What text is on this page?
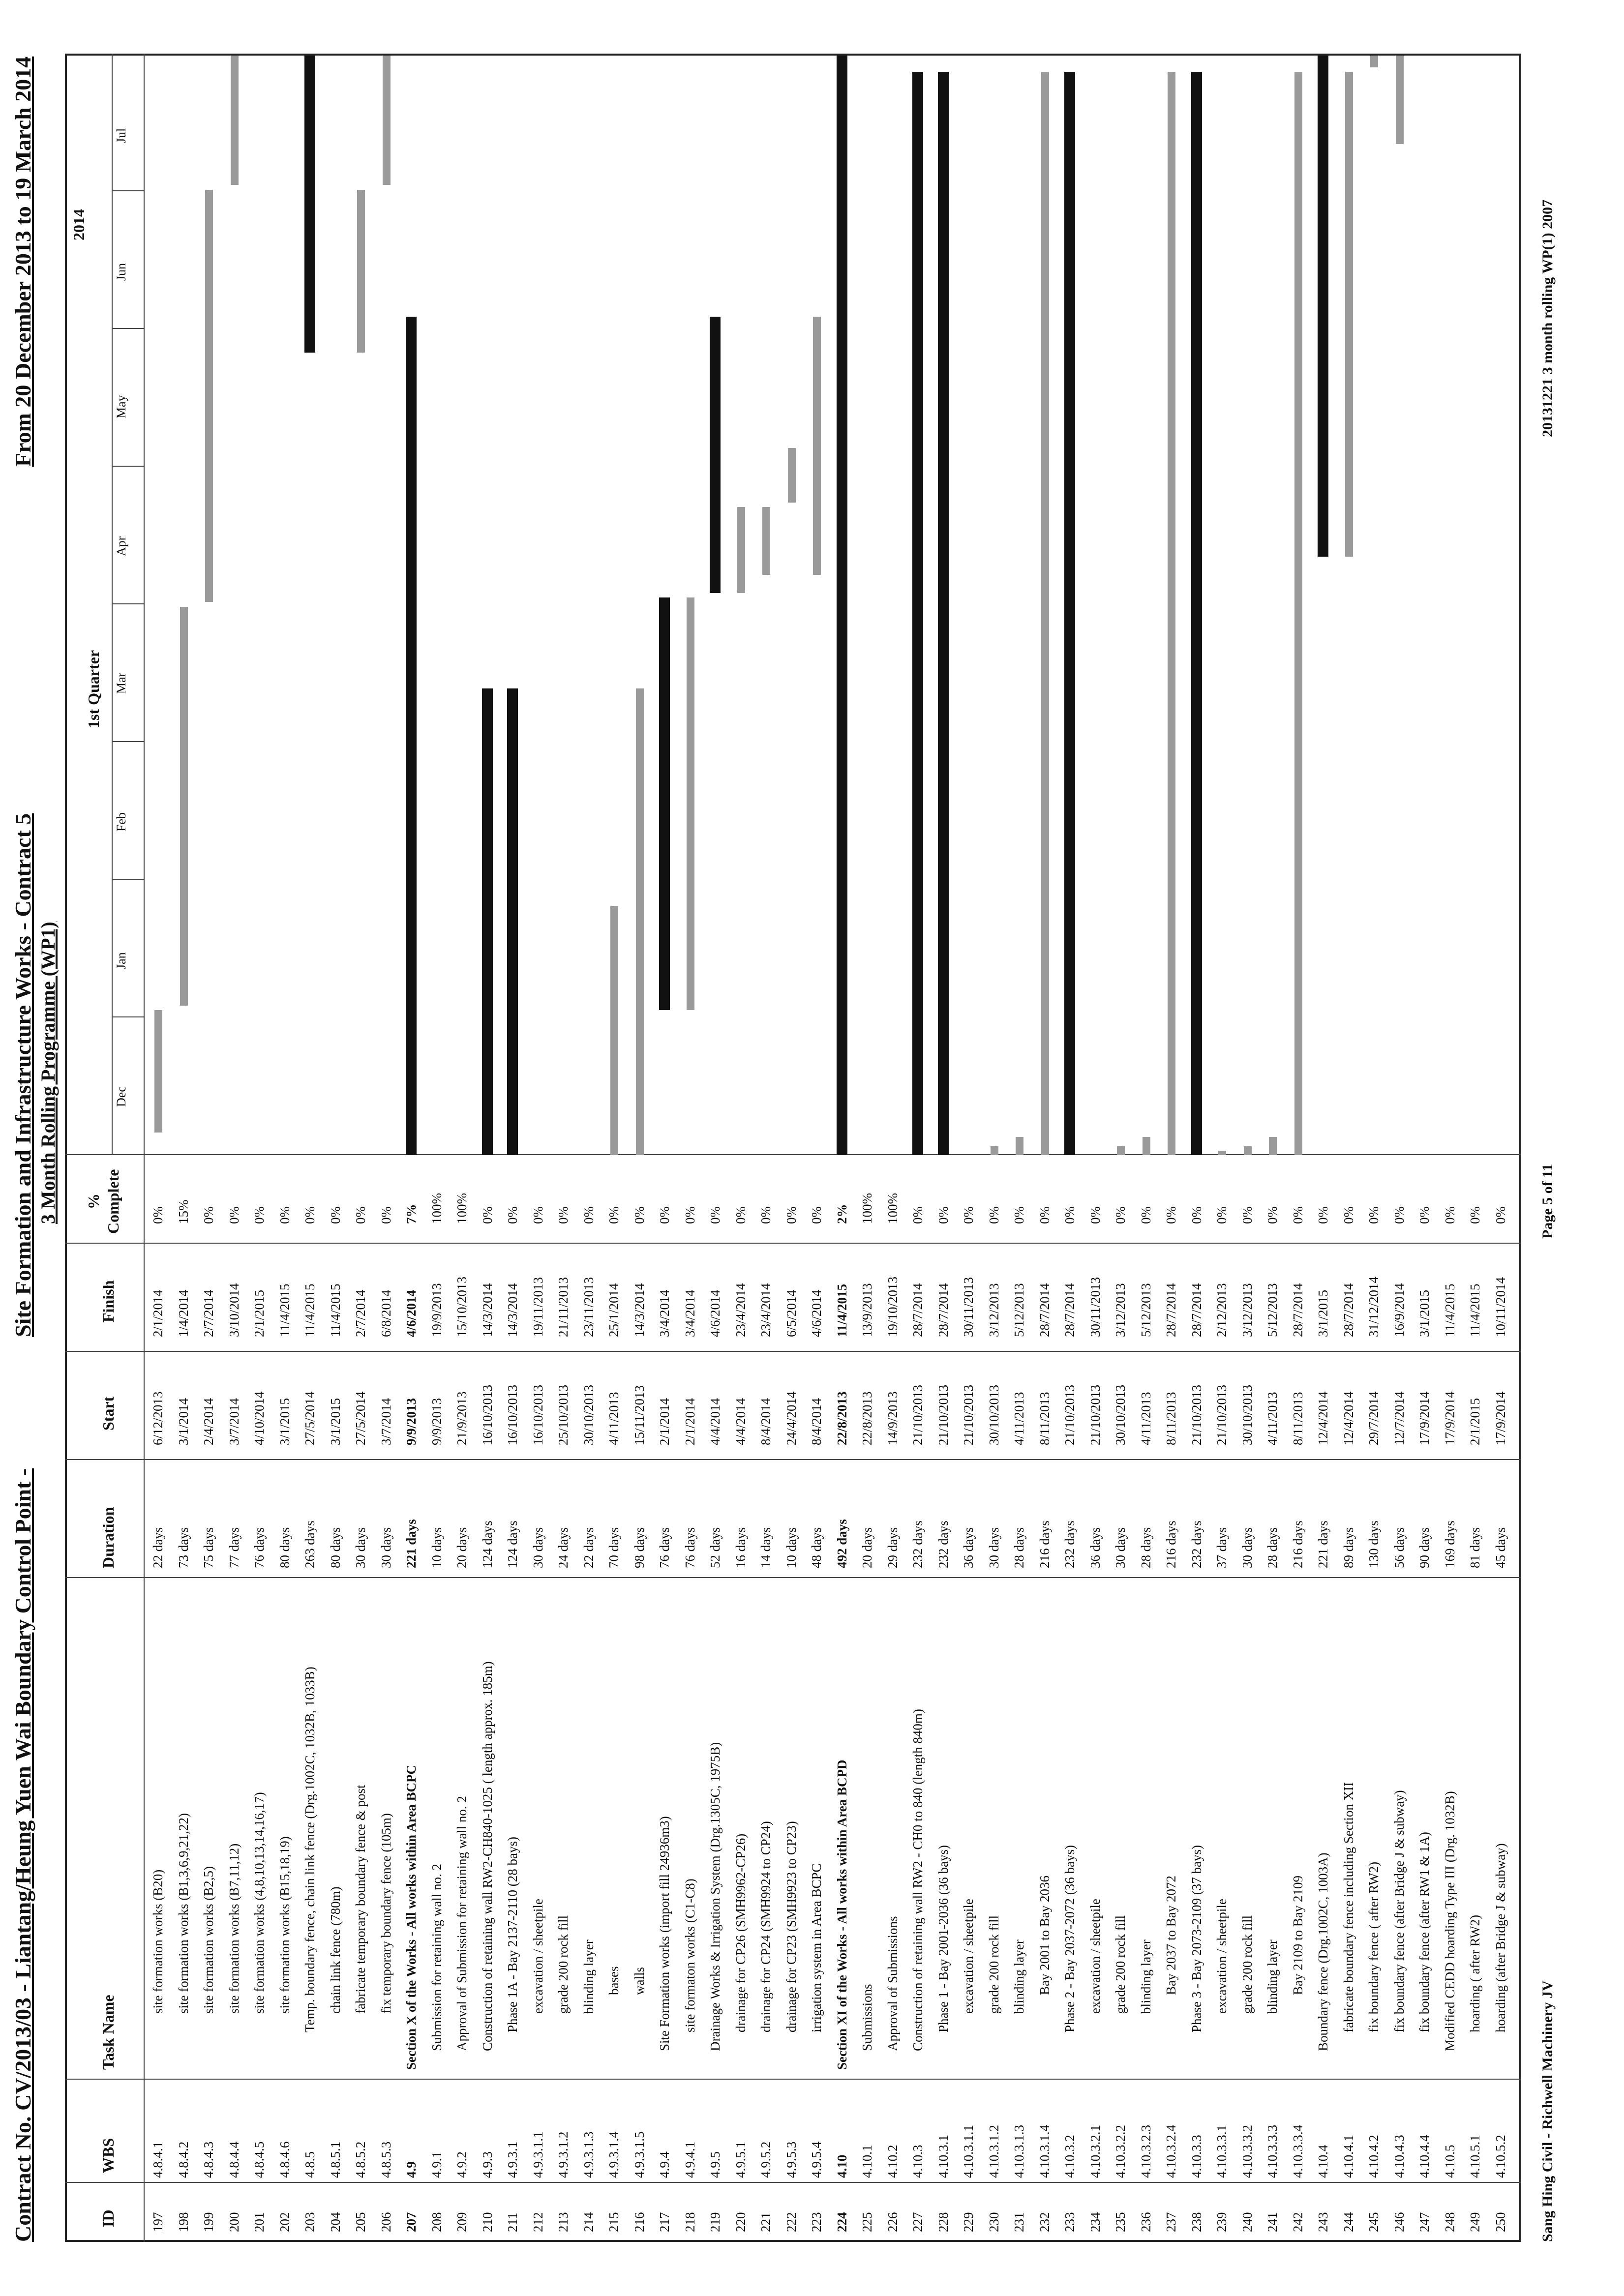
Contract No. CV/2013/03 - Liantang/Heung Yuen Wai Boundary Control Point -
Site Formation and Infrastructure Works - Contract 5
From 20 December 2013 to 19 March 2014
3 Month Rolling Programme (WP1)
ID
WBS
Task Name
Duration
Start
Finish
% Complete
2014
1st Quarter
Dec
Jan
Feb
Mar
Apr
May
Jun
Jul
197
4.8.4.1
site formation works (B20)
22 days
6/12/2013
2/1/2014
0%
198
4.8.4.2
site formation works (B1,3,6,9,21,22)
73 days
3/1/2014
1/4/2014
15%
199
4.8.4.3
site formation works (B2,5)
75 days
2/4/2014
2/7/2014
0%
200
4.8.4.4
site formation works (B7,11,12)
77 days
3/7/2014
3/10/2014
0%
201
4.8.4.5
site formation works (4,8,10,13,14,16,17)
76 days
4/10/2014
2/1/2015
0%
202
4.8.4.6
site formation works (B15,18,19)
80 days
3/1/2015
11/4/2015
0%
203
4.8.5
Temp. boundary fence, chain link fence (Drg.1002C, 1032B, 1033B)
263 days
27/5/2014
11/4/2015
0%
204
4.8.5.1
chain link fence (780m)
80 days
3/1/2015
11/4/2015
0%
205
4.8.5.2
fabricate temporary boundary fence & post
30 days
27/5/2014
2/7/2014
0%
206
4.8.5.3
fix temporary boundary fence (105m)
30 days
3/7/2014
6/8/2014
0%
207
4.9
Section X of the Works - All works within Area BCPC
221 days
9/9/2013
4/6/2014
7%
208
4.9.1
Submission for retaining wall no. 2
10 days
9/9/2013
19/9/2013
100%
209
4.9.2
Approval of Submission for retaining wall no. 2
20 days
21/9/2013
15/10/2013
100%
210
4.9.3
Construction of retaining wall RW2-CH840-1025 ( length approx. 185m)
124 days
16/10/2013
14/3/2014
0%
211
4.9.3.1
Phase 1A - Bay 2137-2110 (28 bays)
124 days
16/10/2013
14/3/2014
0%
212
4.9.3.1.1
excavation / sheetpile
30 days
16/10/2013
19/11/2013
0%
213
4.9.3.1.2
grade 200 rock fill
24 days
25/10/2013
21/11/2013
0%
214
4.9.3.1.3
blinding layer
22 days
30/10/2013
23/11/2013
0%
215
4.9.3.1.4
bases
70 days
4/11/2013
25/1/2014
0%
216
4.9.3.1.5
walls
98 days
15/11/2013
14/3/2014
0%
217
4.9.4
Site Formation works (import fill 24936m3)
76 days
2/1/2014
3/4/2014
0%
218
4.9.4.1
site formaton works (C1-C8)
76 days
2/1/2014
3/4/2014
0%
219
4.9.5
Drainage Works & Irrigation System (Drg.1305C, 1975B)
52 days
4/4/2014
4/6/2014
0%
220
4.9.5.1
drainage for CP26 (SMH9962-CP26)
16 days
4/4/2014
23/4/2014
0%
221
4.9.5.2
drainage for CP24 (SMH9924 to CP24)
14 days
8/4/2014
23/4/2014
0%
222
4.9.5.3
drainage for CP23 (SMH9923 to CP23)
10 days
24/4/2014
6/5/2014
0%
223
4.9.5.4
irrigation system in Area BCPC
48 days
8/4/2014
4/6/2014
0%
224
4.10
Section XI of the Works - All works within Area BCPD
492 days
22/8/2013
11/4/2015
2%
225
4.10.1
Submissions
20 days
22/8/2013
13/9/2013
100%
226
4.10.2
Approval of Submissions
29 days
14/9/2013
19/10/2013
100%
227
4.10.3
Construction of retaining wall RW2 - CH0 to 840 (length 840m)
232 days
21/10/2013
28/7/2014
0%
228
4.10.3.1
Phase 1 - Bay 2001-2036 (36 bays)
232 days
21/10/2013
28/7/2014
0%
229
4.10.3.1.1
excavation / sheetpile
36 days
21/10/2013
30/11/2013
0%
230
4.10.3.1.2
grade 200 rock fill
30 days
30/10/2013
3/12/2013
0%
231
4.10.3.1.3
blinding layer
28 days
4/11/2013
5/12/2013
0%
232
4.10.3.1.4
Bay 2001 to Bay 2036
216 days
8/11/2013
28/7/2014
0%
233
4.10.3.2
Phase 2 - Bay 2037-2072 (36 bays)
232 days
21/10/2013
28/7/2014
0%
234
4.10.3.2.1
excavation / sheetpile
36 days
21/10/2013
30/11/2013
0%
235
4.10.3.2.2
grade 200 rock fill
30 days
30/10/2013
3/12/2013
0%
236
4.10.3.2.3
blinding layer
28 days
4/11/2013
5/12/2013
0%
237
4.10.3.2.4
Bay 2037 to Bay 2072
216 days
8/11/2013
28/7/2014
0%
238
4.10.3.3
Phase 3 - Bay 2073-2109 (37 bays)
232 days
21/10/2013
28/7/2014
0%
239
4.10.3.3.1
excavation / sheetpile
37 days
21/10/2013
2/12/2013
0%
240
4.10.3.3.2
grade 200 rock fill
30 days
30/10/2013
3/12/2013
0%
241
4.10.3.3.3
blinding layer
28 days
4/11/2013
5/12/2013
0%
242
4.10.3.3.4
Bay 2109 to Bay 2109
216 days
8/11/2013
28/7/2014
0%
243
4.10.4
Boundary fence (Drg.1002C, 1003A)
221 days
12/4/2014
3/1/2015
0%
244
4.10.4.1
fabricate boundary fence including Section XII
89 days
12/4/2014
28/7/2014
0%
245
4.10.4.2
fix boundary fence ( after RW2)
130 days
29/7/2014
31/12/2014
0%
246
4.10.4.3
fix boundary fence (after Bridge J & subway)
56 days
12/7/2014
16/9/2014
0%
247
4.10.4.4
fix boundary fence (after RW1 & 1A)
90 days
17/9/2014
3/1/2015
0%
248
4.10.5
Modified CEDD hoarding Type III (Drg. 1032B)
169 days
17/9/2014
11/4/2015
0%
249
4.10.5.1
hoarding ( after RW2)
81 days
2/1/2015
11/4/2015
0%
250
4.10.5.2
hoarding (after Bridge J & subway)
45 days
17/9/2014
10/11/2014
0%
Sang Hing Civil - Richwell Machinery JV
Page 5 of 11
20131221 3 month rolling WP(1) 2007
